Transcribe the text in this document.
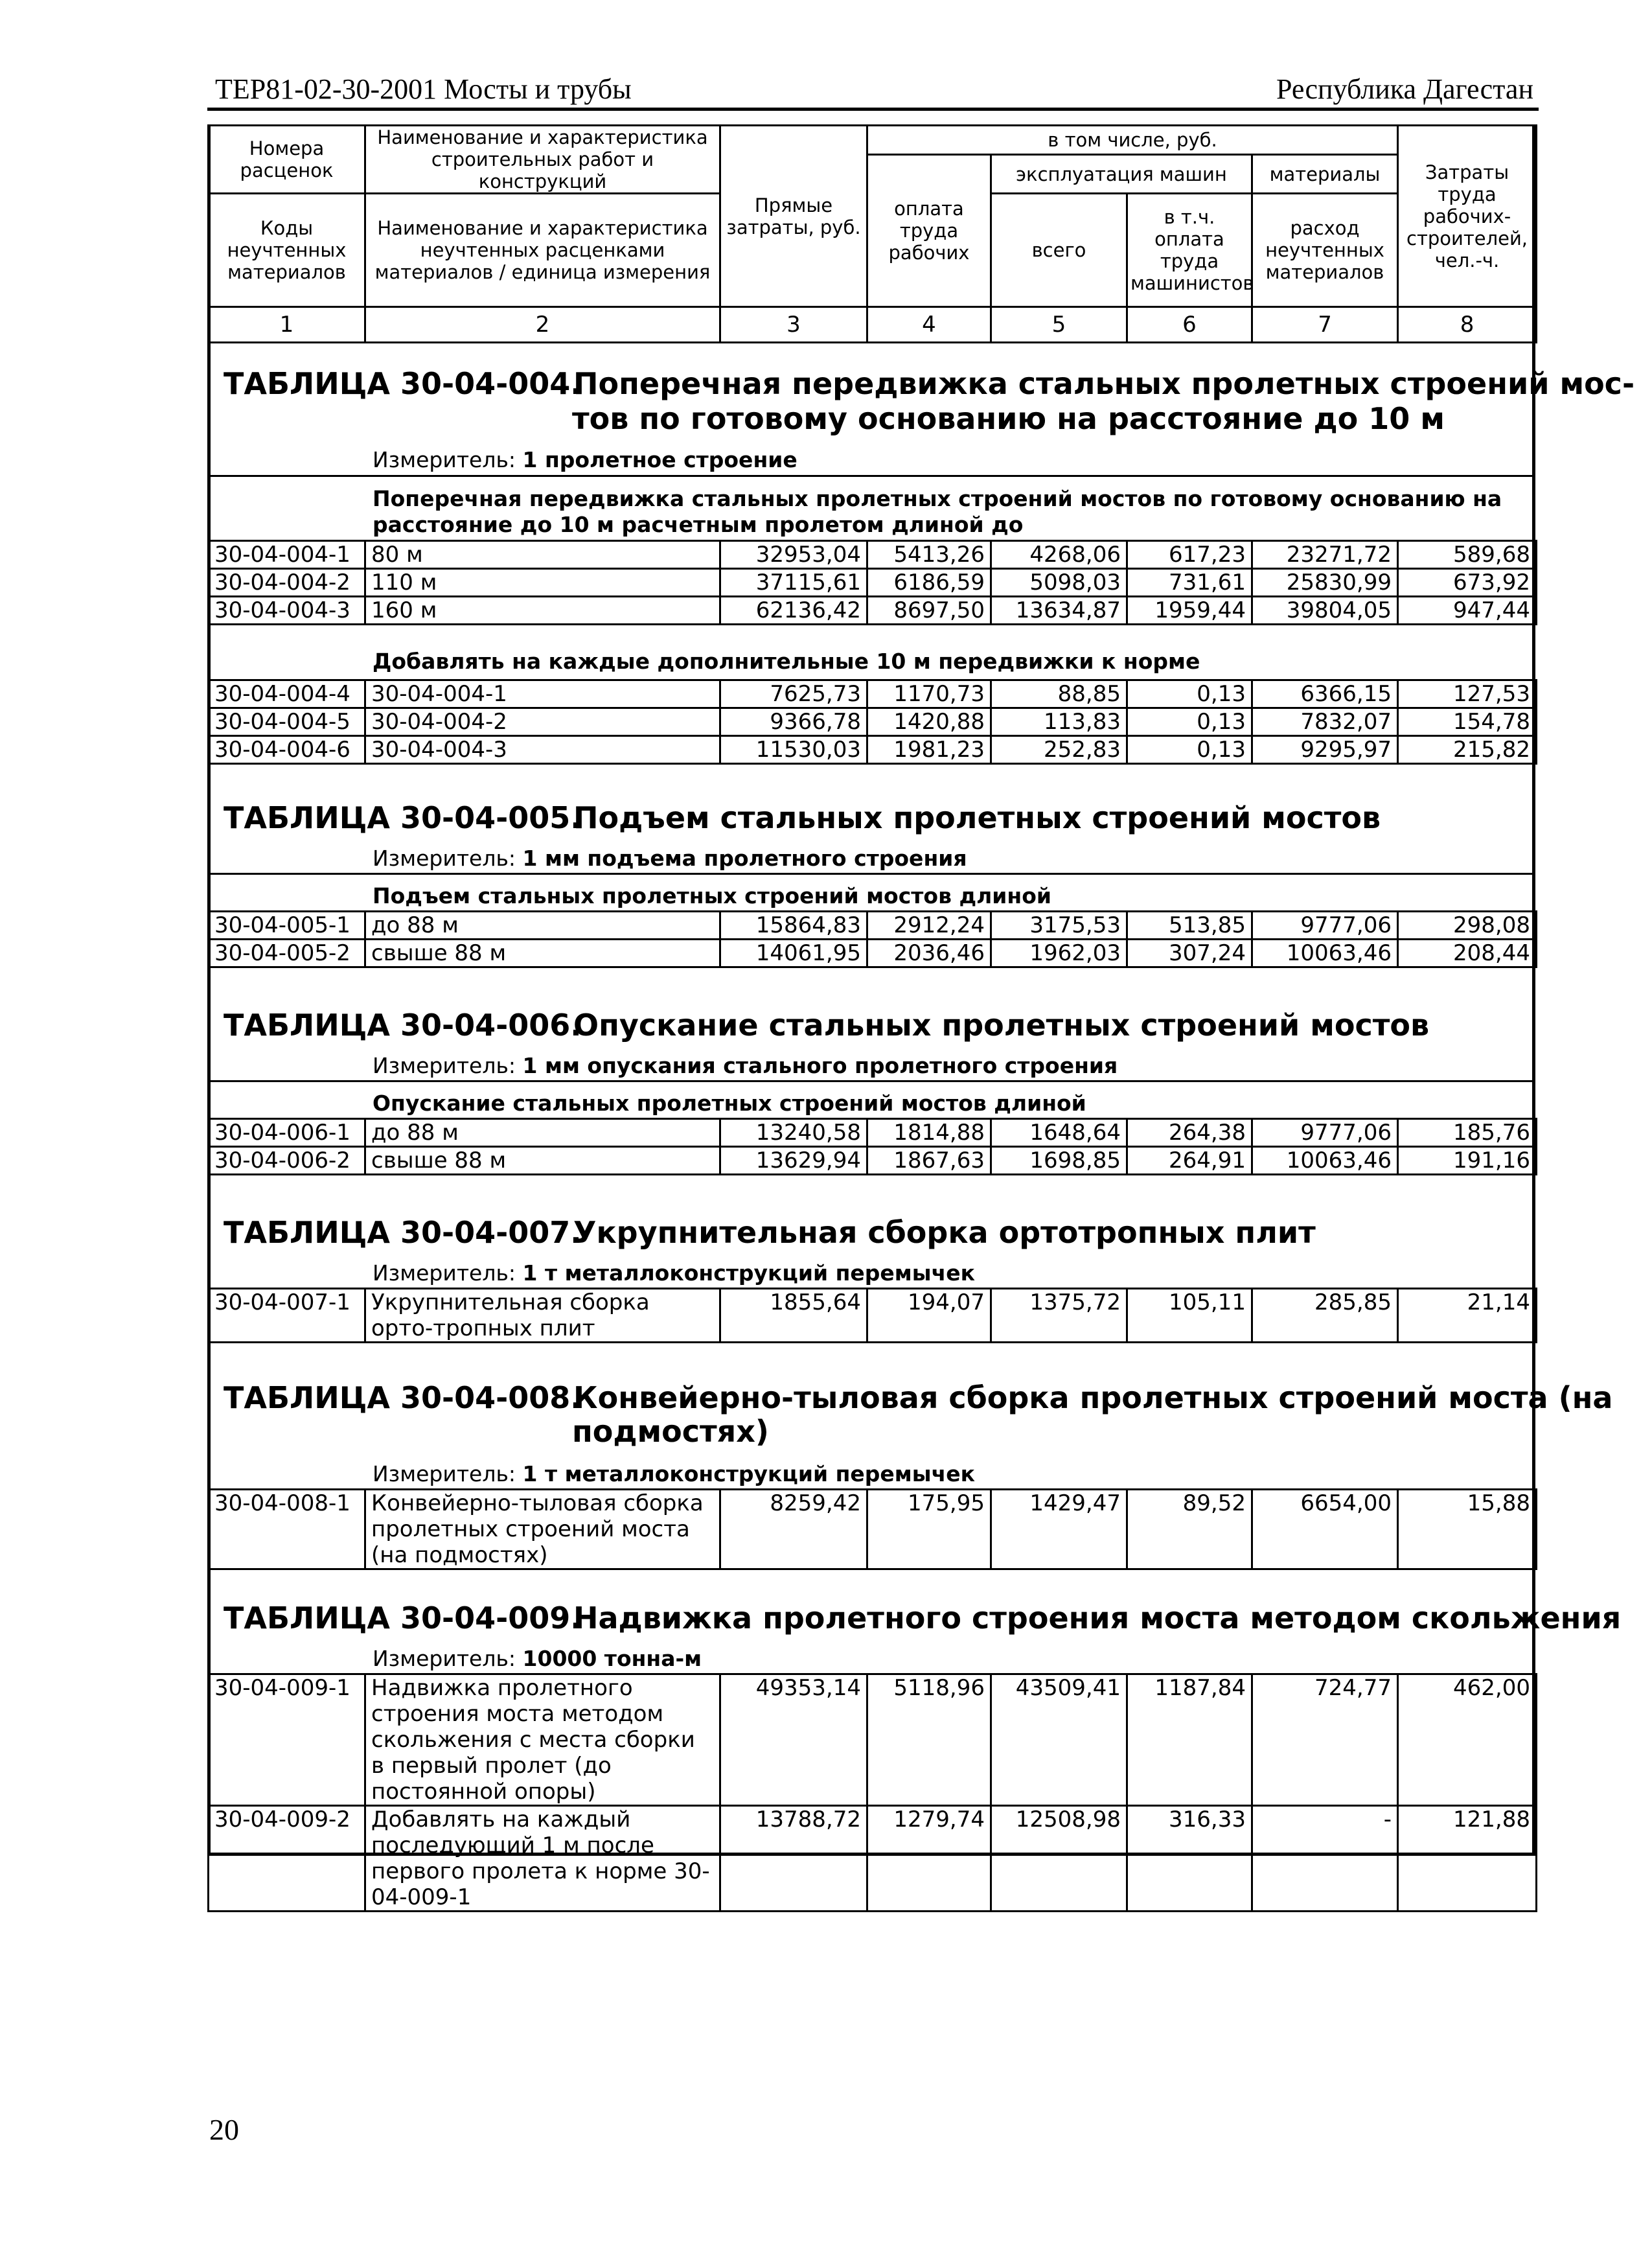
ТЕР81-02-30-2001 Мосты и трубы	Республика Дагестан
Номера расценок	Наименование и характеристика строительных работ и конструкций	Прямые затраты, руб.	в том числе, руб.				Затраты труда рабочих-строителей, чел.-ч.
			оплата труда рабочих	эксплуатация машин		материалы	
Коды неучтенных материалов	Наименование и характеристика неучтенных расценками материалов / единица измерения			всего	в т.ч. оплата труда машинистов	расход неучтенных материалов	

1	2	3	4	5	6	7	8
ТАБЛИЦА 30-04-004.Поперечная передвижка стальных пролетных строений мос-
тов по готовому основанию на расстояние до 10 м
Измеритель: 1 пролетное строение
Поперечная передвижка стальных пролетных строений мостов по готовому основанию на расстояние до 10 м расчетным пролетом длиной до
30-04-004-1	80 м	32953,04	5413,26	4268,06	617,23	23271,72	589,68
30-04-004-2	110 м	37115,61	6186,59	5098,03	731,61	25830,99	673,92
30-04-004-3	160 м	62136,42	8697,50	13634,87	1959,44	39804,05	947,44
Добавлять на каждые дополнительные 10 м передвижки к норме
30-04-004-4	30-04-004-1	7625,73	1170,73	88,85	0,13	6366,15	127,53
30-04-004-5	30-04-004-2	9366,78	1420,88	113,83	0,13	7832,07	154,78
30-04-004-6	30-04-004-3	11530,03	1981,23	252,83	0,13	9295,97	215,82
ТАБЛИЦА 30-04-005.Подъем стальных пролетных строений мостов
Измеритель: 1 мм подъема пролетного строения
Подъем стальных пролетных строений мостов длиной
30-04-005-1	до 88 м	15864,83	2912,24	3175,53	513,85	9777,06	298,08
30-04-005-2	свыше 88 м	14061,95	2036,46	1962,03	307,24	10063,46	208,44
ТАБЛИЦА 30-04-006.Опускание стальных пролетных строений мостов
Измеритель: 1 мм опускания стального пролетного строения
Опускание стальных пролетных строений мостов длиной
30-04-006-1	до 88 м	13240,58	1814,88	1648,64	264,38	9777,06	185,76
30-04-006-2	свыше 88 м	13629,94	1867,63	1698,85	264,91	10063,46	191,16
ТАБЛИЦА 30-04-007.Укрупнительная сборка ортотропных плит
Измеритель: 1 т металлоконструкций перемычек
30-04-007-1	Укрупнительная сборка орто-тропных плит	1855,64	194,07	1375,72	105,11	285,85	21,14
ТАБЛИЦА 30-04-008.Конвейерно-тыловая сборка пролетных строений моста (на
подмостях)
Измеритель: 1 т металлоконструкций перемычек
30-04-008-1	Конвейерно-тыловая сборка пролетных строений моста (на подмостях)	8259,42	175,95	1429,47	89,52	6654,00	15,88
ТАБЛИЦА 30-04-009.Надвижка пролетного строения моста методом скольжения
Измеритель: 10000 тонна-м
30-04-009-1	Надвижка пролетного строения моста методом скольжения с места сборки в первый пролет (до постоянной опоры)	49353,14	5118,96	43509,41	1187,84	724,77	462,00
30-04-009-2	Добавлять на каждый последующий 1 м после первого пролета к норме 30-04-009-1	13788,72	1279,74	12508,98	316,33	-	121,88
20
